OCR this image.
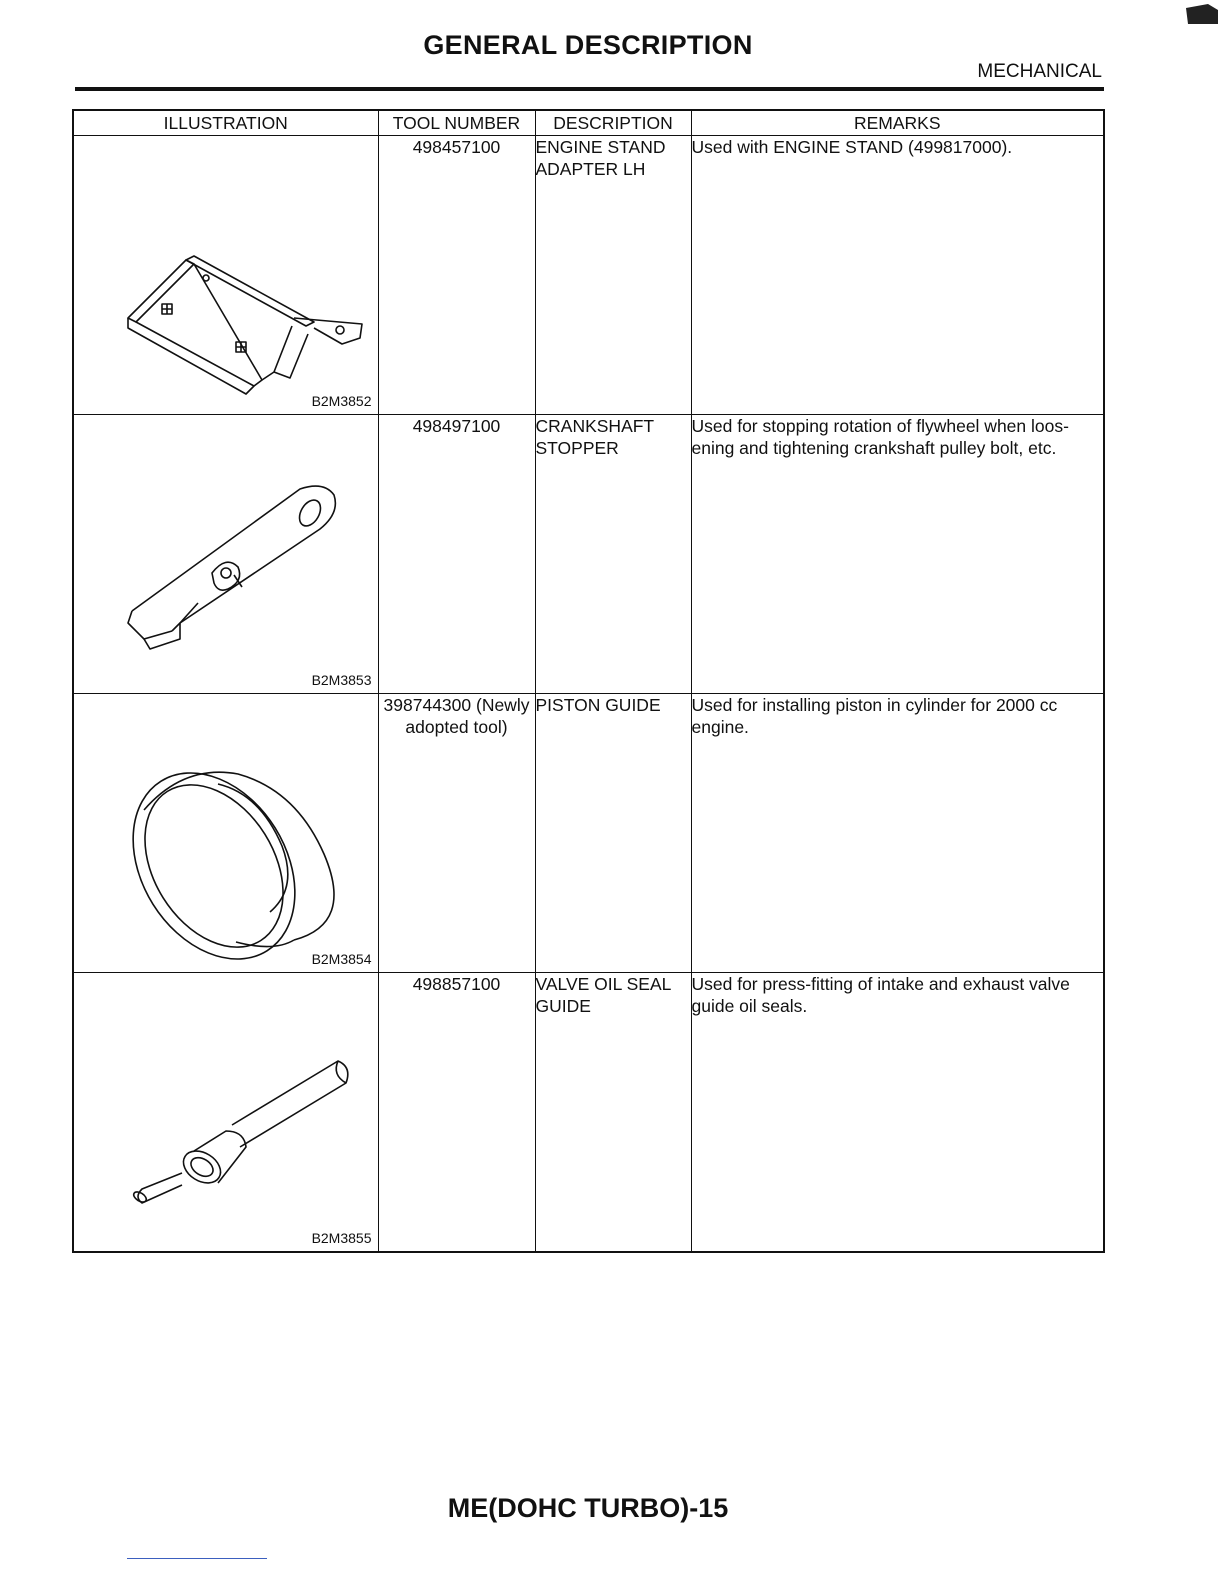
GENERAL DESCRIPTION
MECHANICAL
ILLUSTRATION	TOOL NUMBER	DESCRIPTION	REMARKS

B2M3852	498457100	ENGINE STAND ADAPTER LH	Used with ENGINE STAND (499817000).

B2M3853	498497100	CRANKSHAFT STOPPER	Used for stopping rotation of flywheel when loos-ening and tightening crankshaft pulley bolt, etc.

B2M3854	398744300 (Newly adopted tool)	PISTON GUIDE	Used for installing piston in cylinder for 2000 cc engine.

B2M3855	498857100	VALVE OIL SEAL GUIDE	Used for press-fitting of intake and exhaust valve guide oil seals.
ME(DOHC TURBO)-15
